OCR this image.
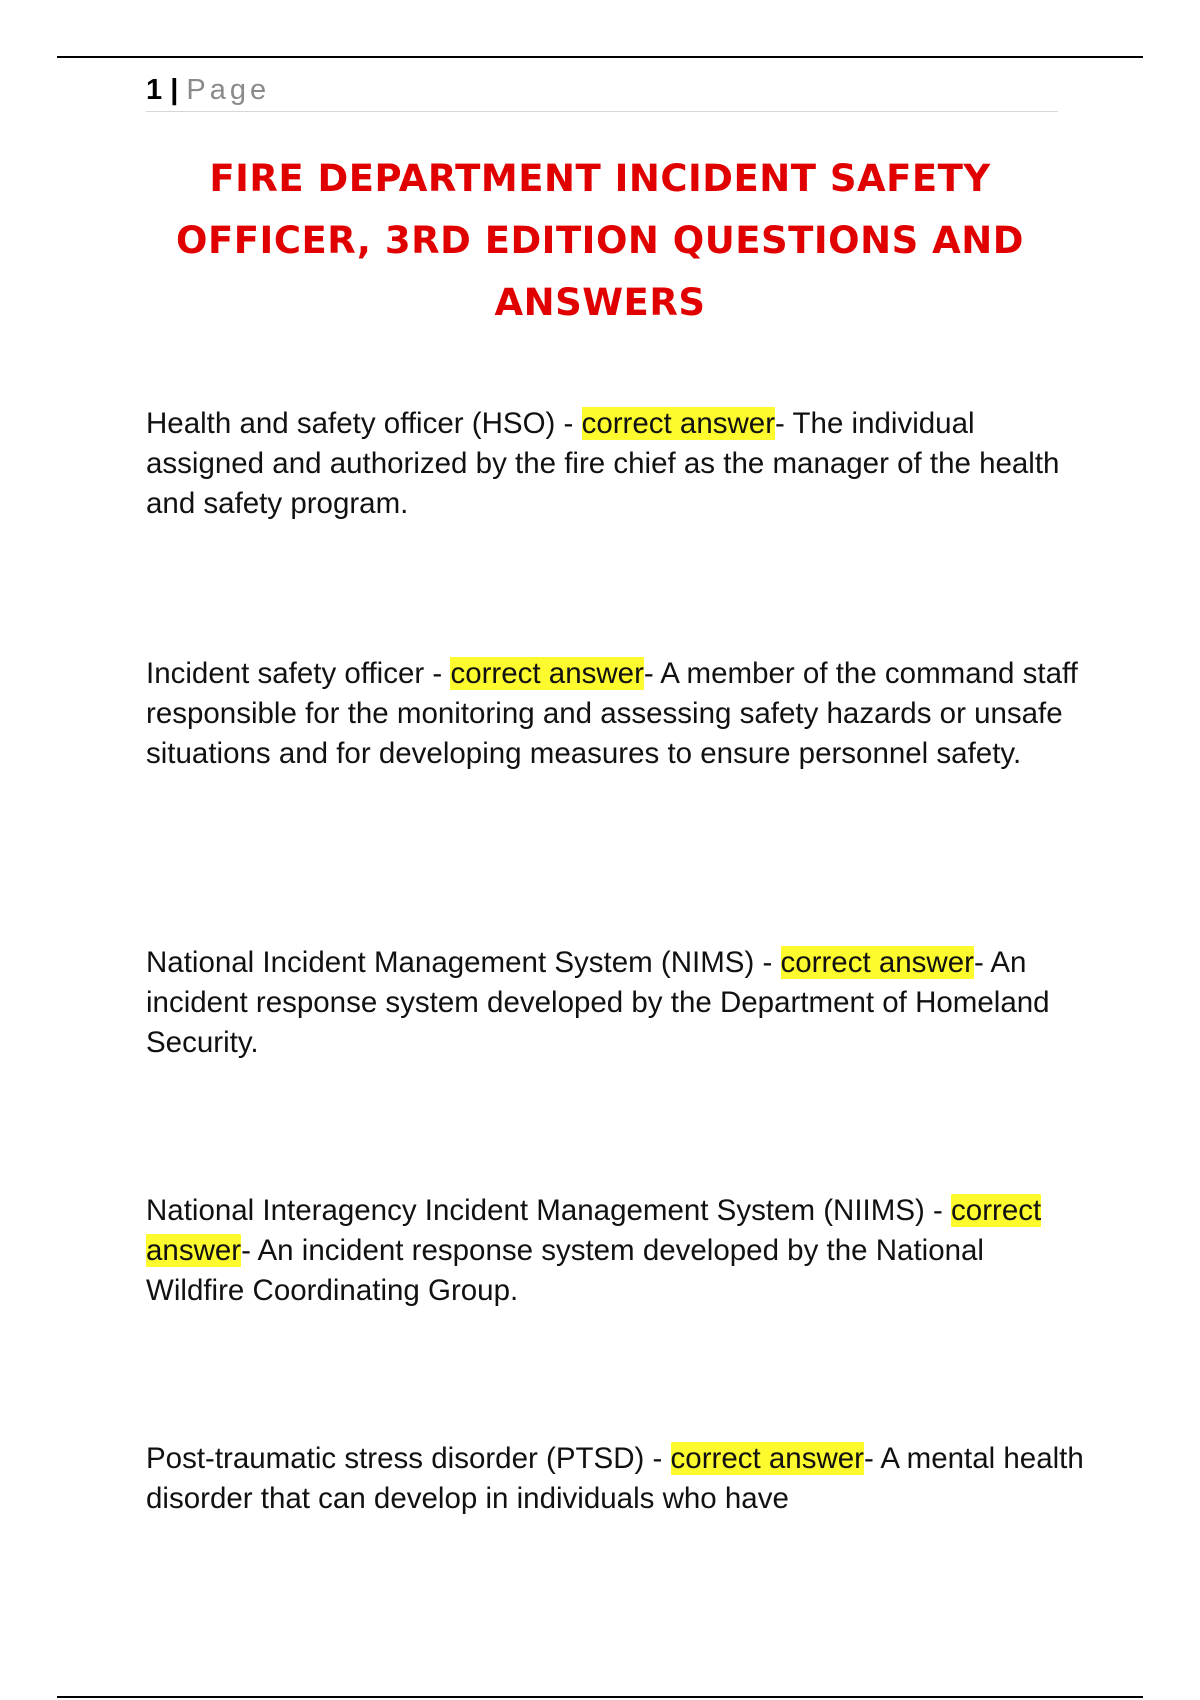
1 | Page
FIRE DEPARTMENT INCIDENT SAFETY OFFICER, 3RD EDITION QUESTIONS AND ANSWERS

Health and safety officer (HSO) - correct answer- The individual assigned and authorized by the fire chief as the manager of the health and safety program.

Incident safety officer - correct answer- A member of the command staff responsible for the monitoring and assessing safety hazards or unsafe situations and for developing measures to ensure personnel safety.

National Incident Management System (NIMS) - correct answer- An incident response system developed by the Department of Homeland Security.

National Interagency Incident Management System (NIIMS) - correct answer- An incident response system developed by the National Wildfire Coordinating Group.

Post-traumatic stress disorder (PTSD) - correct answer- A mental health disorder that can develop in individuals who have
